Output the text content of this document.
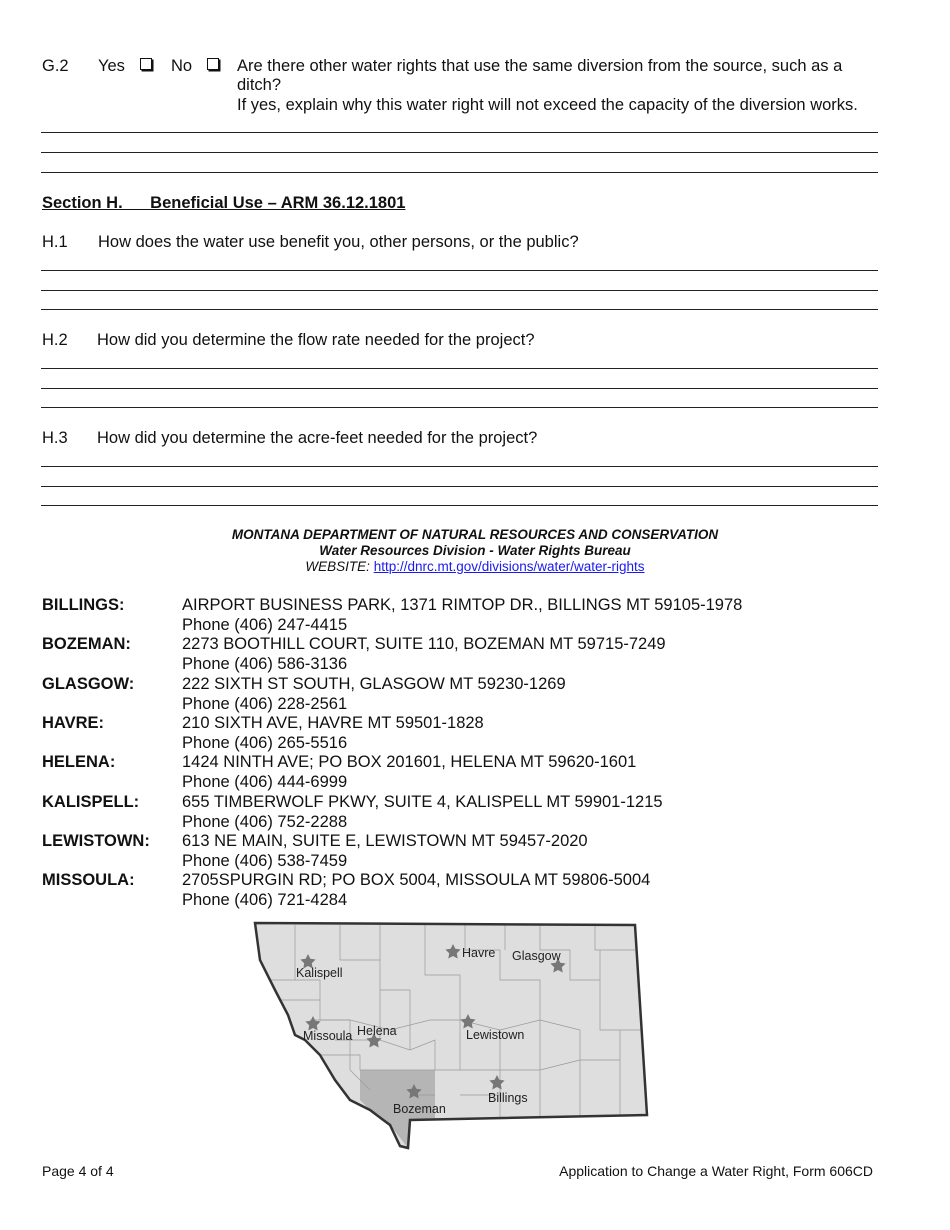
G.2 Yes	No	Are there other water rights that use the same diversion from the source, such as a ditch?
If yes, explain why this water right will not exceed the capacity of the diversion works.
Section H.      Beneficial Use – ARM 36.12.1801
H.1 How does the water use benefit you, other persons, or the public?
H.2 How did you determine the flow rate needed for the project?
H.3 How did you determine the acre-feet needed for the project?
MONTANA DEPARTMENT OF NATURAL RESOURCES AND CONSERVATION
Water Resources Division - Water Rights Bureau
WEBSITE: http://dnrc.mt.gov/divisions/water/water-rights
BILLINGS:	AIRPORT BUSINESS PARK, 1371 RIMTOP DR., BILLINGS MT 59105-1978
Phone (406) 247-4415
BOZEMAN:	2273 BOOTHILL COURT, SUITE 110, BOZEMAN MT 59715-7249
Phone (406) 586-3136
GLASGOW:	222 SIXTH ST SOUTH, GLASGOW MT 59230-1269
Phone (406) 228-2561
HAVRE:	210 SIXTH AVE, HAVRE MT 59501-1828
Phone (406) 265-5516
HELENA:	1424 NINTH AVE; PO BOX 201601, HELENA MT 59620-1601
Phone (406) 444-6999
KALISPELL:	655 TIMBERWOLF PKWY, SUITE 4, KALISPELL MT 59901-1215
Phone (406) 752-2288
LEWISTOWN: 613 NE MAIN, SUITE E, LEWISTOWN MT 59457-2020
Phone (406) 538-7459
MISSOULA:	2705SPURGIN RD; PO BOX 5004, MISSOULA MT 59806-5004
Phone (406) 721-4284
Kalispell
Havre Glasgow
Missoula Helena	Lewistown
Billings
Bozeman
Page 4 of 4	Application to Change a Water Right, Form 606CD
